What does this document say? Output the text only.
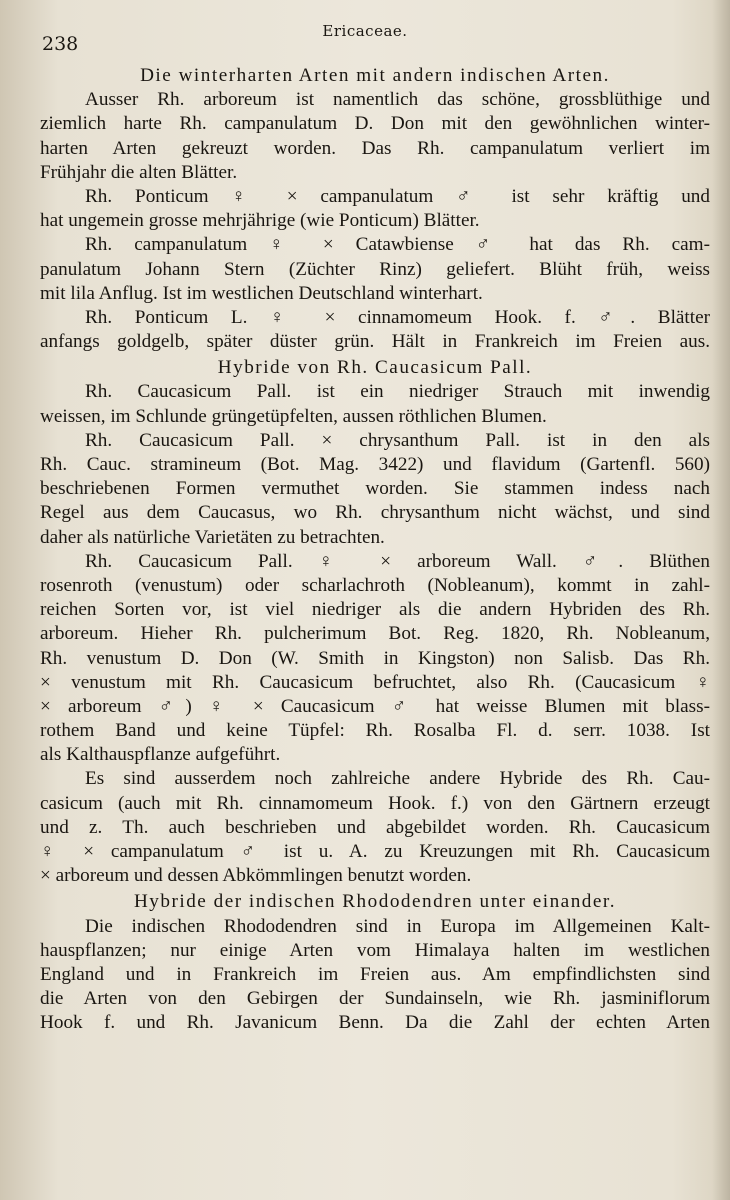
238
Ericaceae.
Die winterharten Arten mit andern indischen Arten.
Ausser Rh. arboreum ist namentlich das schöne, grossblüthige und
ziemlich harte Rh. campanulatum D. Don mit den gewöhnlichen winter-
harten Arten gekreuzt worden. Das Rh. campanulatum verliert im
Frühjahr die alten Blätter.
Rh. Ponticum ♀ × campanulatum ♂ ist sehr kräftig und
hat ungemein grosse mehrjährige (wie Ponticum) Blätter.
Rh. campanulatum ♀ × Catawbiense ♂ hat das Rh. cam-
panulatum Johann Stern (Züchter Rinz) geliefert. Blüht früh, weiss
mit lila Anflug. Ist im westlichen Deutschland winterhart.
Rh. Ponticum L. ♀ × cinnamomeum Hook. f. ♂. Blätter
anfangs goldgelb, später düster grün. Hält in Frankreich im Freien aus.
Hybride von Rh. Caucasicum Pall.
Rh. Caucasicum Pall. ist ein niedriger Strauch mit inwendig
weissen, im Schlunde grüngetüpfelten, aussen röthlichen Blumen.
Rh. Caucasicum Pall. × chrysanthum Pall. ist in den als
Rh. Cauc. stramineum (Bot. Mag. 3422) und flavidum (Gartenfl. 560)
beschriebenen Formen vermuthet worden. Sie stammen indess nach
Regel aus dem Caucasus, wo Rh. chrysanthum nicht wächst, und sind
daher als natürliche Varietäten zu betrachten.
Rh. Caucasicum Pall. ♀ × arboreum Wall. ♂. Blüthen
rosenroth (venustum) oder scharlachroth (Nobleanum), kommt in zahl-
reichen Sorten vor, ist viel niedriger als die andern Hybriden des Rh.
arboreum. Hieher Rh. pulcherimum Bot. Reg. 1820, Rh. Nobleanum,
Rh. venustum D. Don (W. Smith in Kingston) non Salisb. Das Rh.
× venustum mit Rh. Caucasicum befruchtet, also Rh. (Caucasicum ♀
× arboreum ♂) ♀ × Caucasicum ♂ hat weisse Blumen mit blass-
rothem Band und keine Tüpfel: Rh. Rosalba Fl. d. serr. 1038. Ist
als Kalthauspflanze aufgeführt.
Es sind ausserdem noch zahlreiche andere Hybride des Rh. Cau-
casicum (auch mit Rh. cinnamomeum Hook. f.) von den Gärtnern erzeugt
und z. Th. auch beschrieben und abgebildet worden. Rh. Caucasicum
♀ × campanulatum ♂ ist u. A. zu Kreuzungen mit Rh. Caucasicum
× arboreum und dessen Abkömmlingen benutzt worden.
Hybride der indischen Rhododendren unter einander.
Die indischen Rhododendren sind in Europa im Allgemeinen Kalt-
hauspflanzen; nur einige Arten vom Himalaya halten im westlichen
England und in Frankreich im Freien aus. Am empfindlichsten sind
die Arten von den Gebirgen der Sundainseln, wie Rh. jasminiflorum
Hook f. und Rh. Javanicum Benn. Da die Zahl der echten Arten
